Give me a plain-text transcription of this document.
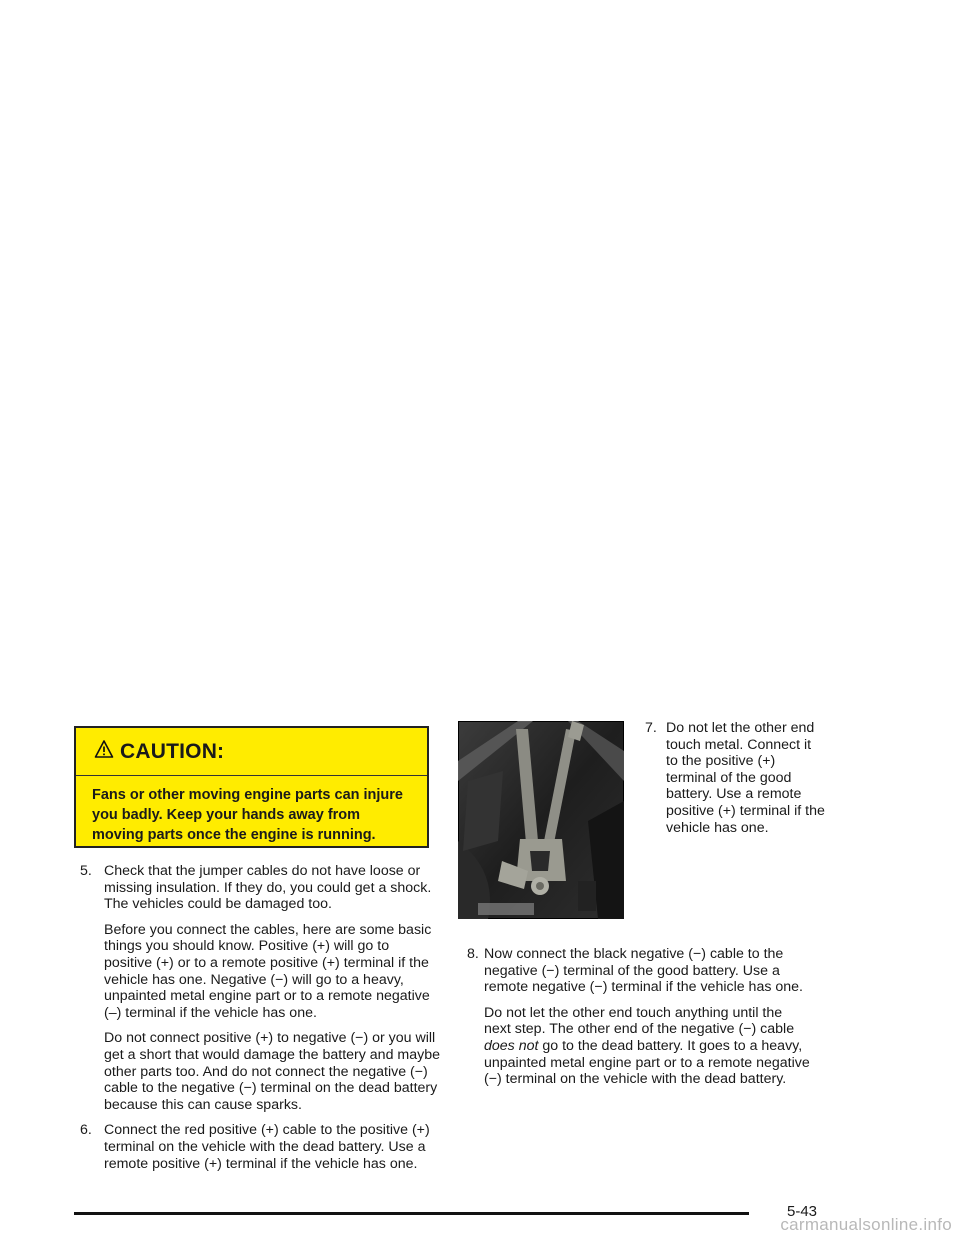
CAUTION:
Fans or other moving engine parts can injure you badly. Keep your hands away from moving parts once the engine is running.
5. Check that the jumper cables do not have loose or missing insulation. If they do, you could get a shock. The vehicles could be damaged too.
Before you connect the cables, here are some basic things you should know. Positive (+) will go to positive (+) or to a remote positive (+) terminal if the vehicle has one. Negative (−) will go to a heavy, unpainted metal engine part or to a remote negative (–) terminal if the vehicle has one.
Do not connect positive (+) to negative (−) or you will get a short that would damage the battery and maybe other parts too. And do not connect the negative (−) cable to the negative (−) terminal on the dead battery because this can cause sparks.
6. Connect the red positive (+) cable to the positive (+) terminal on the vehicle with the dead battery. Use a remote positive (+) terminal if the vehicle has one.
7. Do not let the other end touch metal. Connect it to the positive (+) terminal of the good battery. Use a remote positive (+) terminal if the vehicle has one.
8. Now connect the black negative (−) cable to the negative (−) terminal of the good battery. Use a remote negative (−) terminal if the vehicle has one.
Do not let the other end touch anything until the next step. The other end of the negative (−) cable does not go to the dead battery. It goes to a heavy, unpainted metal engine part or to a remote negative (−) terminal on the vehicle with the dead battery.
5-43
carmanualsonline.info
